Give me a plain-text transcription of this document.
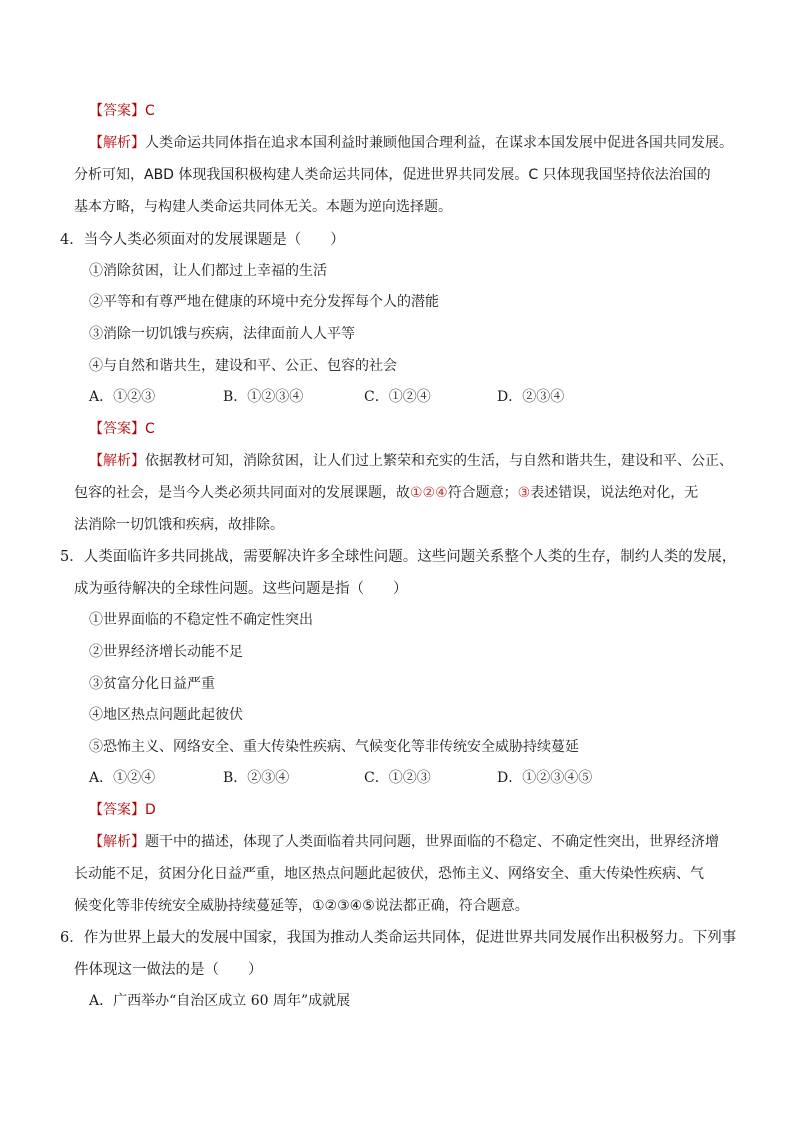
【答案】C
【解析】人类命运共同体指在追求本国利益时兼顾他国合理利益，在谋求本国发展中促进各国共同发展。
分析可知，ABD 体现我国积极构建人类命运共同体，促进世界共同发展。C 只体现我国坚持依法治国的
基本方略，与构建人类命运共同体无关。本题为逆向选择题。
4．当今人类必须面对的发展课题是（　　）
①消除贫困，让人们都过上幸福的生活
②平等和有尊严地在健康的环境中充分发挥每个人的潜能
③消除一切饥饿与疾病，法律面前人人平等
④与自然和谐共生，建设和平、公正、包容的社会
A．①②③	B．①②③④	C．①②④	D．②③④
【答案】C
【解析】依据教材可知，消除贫困，让人们过上繁荣和充实的生活，与自然和谐共生，建设和平、公正、
包容的社会，是当今人类必须共同面对的发展课题，故①②④符合题意；③表述错误，说法绝对化，无
法消除一切饥饿和疾病，故排除。
5．人类面临许多共同挑战，需要解决许多全球性问题。这些问题关系整个人类的生存，制约人类的发展，
成为亟待解决的全球性问题。这些问题是指（　　）
①世界面临的不稳定性不确定性突出
②世界经济增长动能不足
③贫富分化日益严重
④地区热点问题此起彼伏
⑤恐怖主义、网络安全、重大传染性疾病、气候变化等非传统安全威胁持续蔓延
A．①②④	B．②③④	C．①②③	D．①②③④⑤
【答案】D
【解析】题干中的描述，体现了人类面临着共同问题，世界面临的不稳定、不确定性突出，世界经济增
长动能不足，贫困分化日益严重，地区热点问题此起彼伏，恐怖主义、网络安全、重大传染性疾病、气
候变化等非传统安全威胁持续蔓延等，①②③④⑤说法都正确，符合题意。
6．作为世界上最大的发展中国家，我国为推动人类命运共同体，促进世界共同发展作出积极努力。下列事
件体现这一做法的是（　　）
A．广西举办“自治区成立 60 周年”成就展
